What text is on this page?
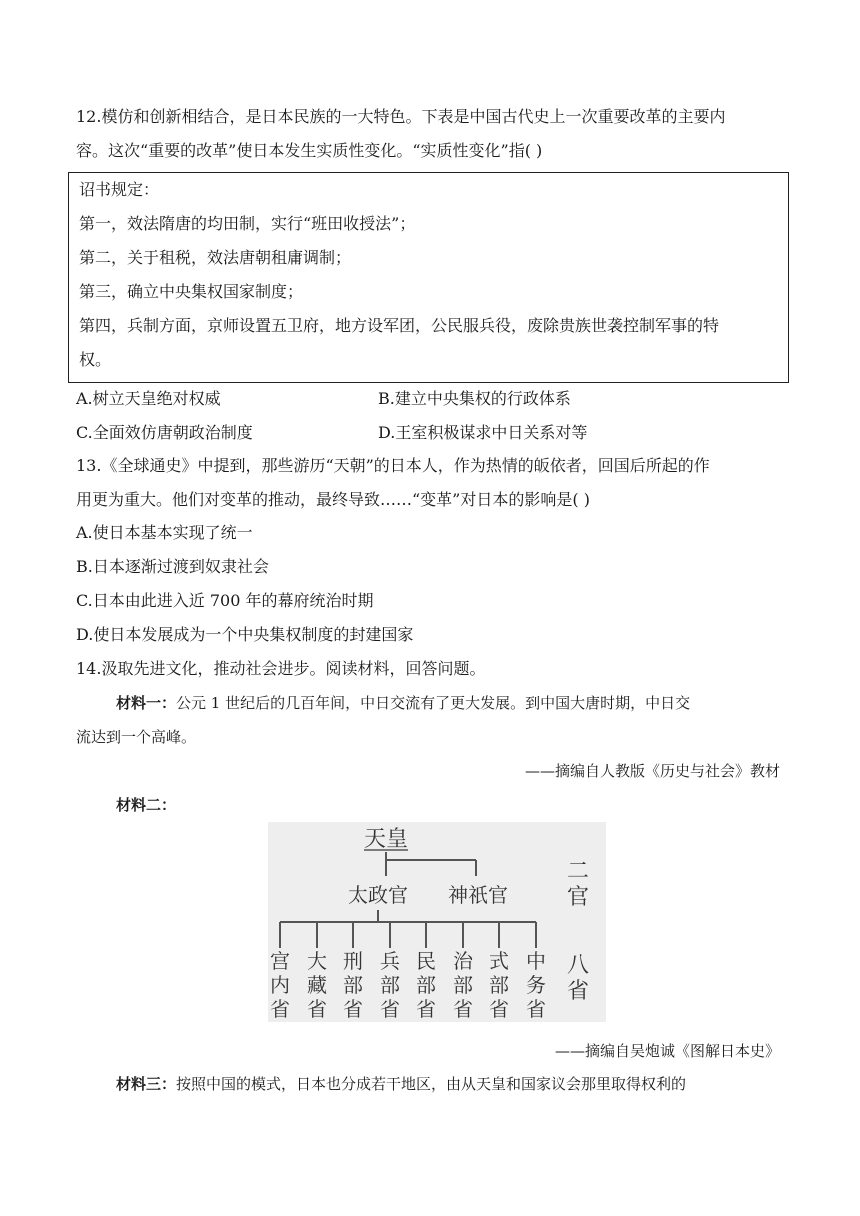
12.模仿和创新相结合，是日本民族的一大特色。下表是中国古代史上一次重要改革的主要内
容。这次“重要的改革”使日本发生实质性变化。“实质性变化”指( )
诏书规定：
第一，效法隋唐的均田制，实行“班田收授法”；
第二，关于租税，效法唐朝租庸调制；
第三，确立中央集权国家制度；
第四，兵制方面，京师设置五卫府，地方设军团，公民服兵役，废除贵族世袭控制军事的特
权。
A.树立天皇绝对权威	B.建立中央集权的行政体系
C.全面效仿唐朝政治制度	D.王室积极谋求中日关系对等
13.《全球通史》中提到，那些游历“天朝”的日本人，作为热情的皈依者，回国后所起的作
用更为重大。他们对变革的推动，最终导致……“变革”对日本的影响是( )
A.使日本基本实现了统一
B.日本逐渐过渡到奴隶社会
C.日本由此进入近 700 年的幕府统治时期
D.使日本发展成为一个中央集权制度的封建国家
14.汲取先进文化，推动社会进步。阅读材料，回答问题。
材料一：公元 1 世纪后的几百年间，中日交流有了更大发展。到中国大唐时期，中日交
流达到一个高峰。
——摘编自人教版《历史与社会》教材
材料二：
天皇
太政官 神祇官
宫
内
省
大
藏
省
刑
部
省
兵
部
省
民
部
省
治
部
省
式
部
省
中
务
省
二
官
八
省
——摘编自吴炮诚《图解日本史》
材料三：按照中国的模式，日本也分成若干地区，由从天皇和国家议会那里取得权利的
